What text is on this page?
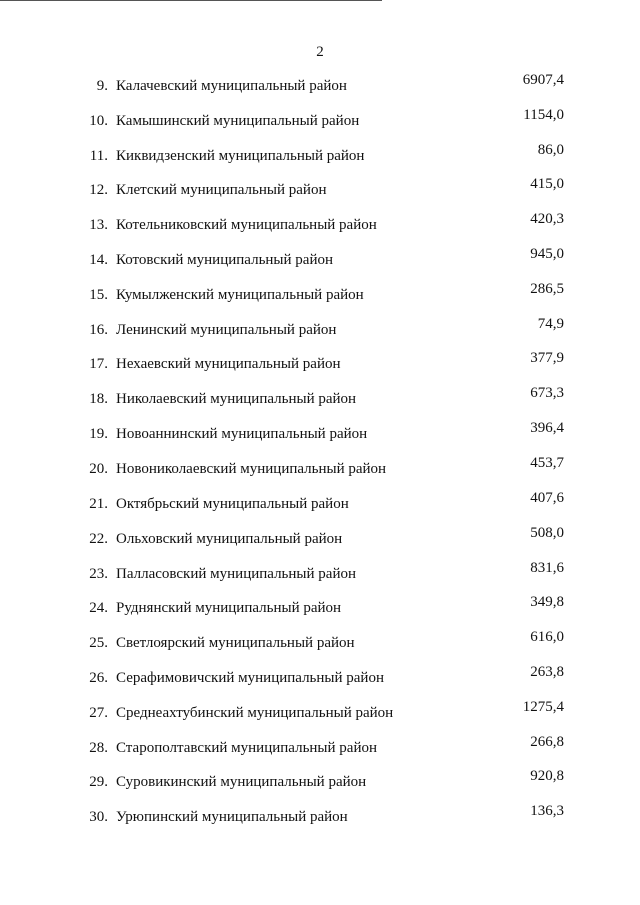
2
9. Калачевский муниципальный район	6907,4
10. Камышинский муниципальный район	1154,0
11. Киквидзенский муниципальный район	86,0
12. Клетский муниципальный район	415,0
13. Котельниковский муниципальный район	420,3
14. Котовский муниципальный район	945,0
15. Кумылженский муниципальный район	286,5
16. Ленинский муниципальный район	74,9
17. Нехаевский муниципальный район	377,9
18. Николаевский муниципальный район	673,3
19. Новоаннинский муниципальный район	396,4
20. Новониколаевский муниципальный район	453,7
21. Октябрьский муниципальный район	407,6
22. Ольховский муниципальный район	508,0
23. Палласовский муниципальный район	831,6
24. Руднянский муниципальный район	349,8
25. Светлоярский муниципальный район	616,0
26. Серафимовичский муниципальный район	263,8
27. Среднеахтубинский муниципальный район	1275,4
28. Старополтавский муниципальный район	266,8
29. Суровикинский муниципальный район	920,8
30. Урюпинский муниципальный район	136,3
